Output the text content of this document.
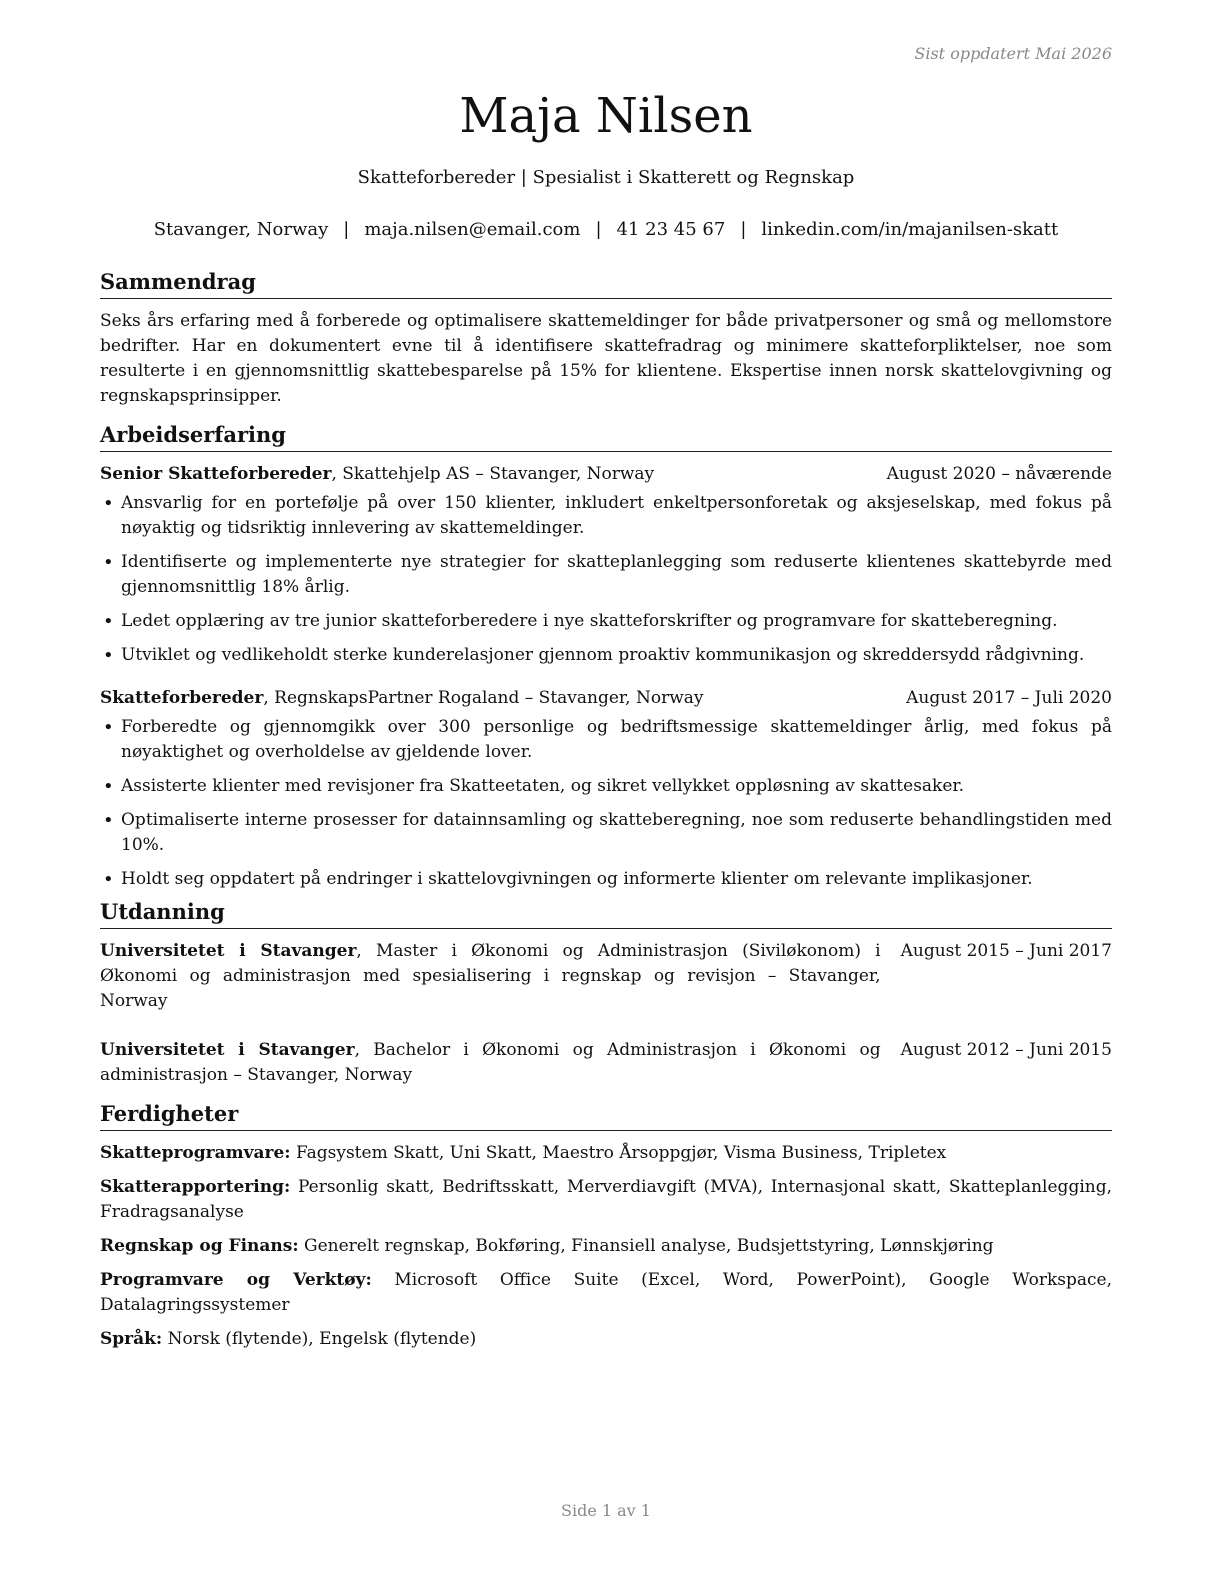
Sist oppdatert Mai 2026
Maja Nilsen
Skatteforbereder | Spesialist i Skatterett og Regnskap
Stavanger, Norway | maja.nilsen@email.com | 41 23 45 67 | linkedin.com/in/majanilsen-skatt
Sammendrag

Seks års erfaring med å forberede og optimalisere skattemeldinger for både privatpersoner og små og mellomstore bedrifter. Har en dokumentert evne til å identifisere skattefradrag og minimere skatteforpliktelser, noe som resulterte i en gjennomsnittlig skattebesparelse på 15% for klientene. Ekspertise innen norsk skattelovgivning og regnskapsprinsipper.

Arbeidserfaring
Senior Skatteforbereder, Skattehjelp AS – Stavanger, Norway	August 2020 – nåværende
• Ansvarlig for en portefølje på over 150 klienter, inkludert enkeltpersonforetak og aksjeselskap, med fokus på nøyaktig og tidsriktig innlevering av skattemeldinger.
• Identifiserte og implementerte nye strategier for skatteplanlegging som reduserte klientenes skattebyrde med gjennomsnittlig 18% årlig.
• Ledet opplæring av tre junior skatteforberedere i nye skatteforskrifter og programvare for skatteberegning.
• Utviklet og vedlikeholdt sterke kunderelasjoner gjennom proaktiv kommunikasjon og skreddersydd rådgivning.
Skatteforbereder, RegnskapsPartner Rogaland – Stavanger, Norway	August 2017 – Juli 2020
• Forberedte og gjennomgikk over 300 personlige og bedriftsmessige skattemeldinger årlig, med fokus på nøyaktighet og overholdelse av gjeldende lover.
• Assisterte klienter med revisjoner fra Skatteetaten, og sikret vellykket oppløsning av skattesaker.
• Optimaliserte interne prosesser for datainnsamling og skatteberegning, noe som reduserte behandlingstiden med 10%.
• Holdt seg oppdatert på endringer i skattelovgivningen og informerte klienter om relevante implikasjoner.
Utdanning
Universitetet i Stavanger, Master i Økonomi og Administrasjon (Siviløkonom) i Økonomi og administrasjon med spesialisering i regnskap og revisjon – Stavanger, Norway
August 2015 – Juni 2017
Universitetet i Stavanger, Bachelor i Økonomi og Administrasjon i Økonomi og administrasjon – Stavanger, Norway
August 2012 – Juni 2015
Ferdigheter
Skatteprogramvare: Fagsystem Skatt, Uni Skatt, Maestro Årsoppgjør, Visma Business, Tripletex
Skatterapportering: Personlig skatt, Bedriftsskatt, Merverdiavgift (MVA), Internasjonal skatt, Skatteplanlegging, Fradragsanalyse
Regnskap og Finans: Generelt regnskap, Bokføring, Finansiell analyse, Budsjettstyring, Lønnskjøring
Programvare og Verktøy: Microsoft Office Suite (Excel, Word, PowerPoint), Google Workspace, Datalagringssystemer
Språk: Norsk (flytende), Engelsk (flytende)
Side 1 av 1
